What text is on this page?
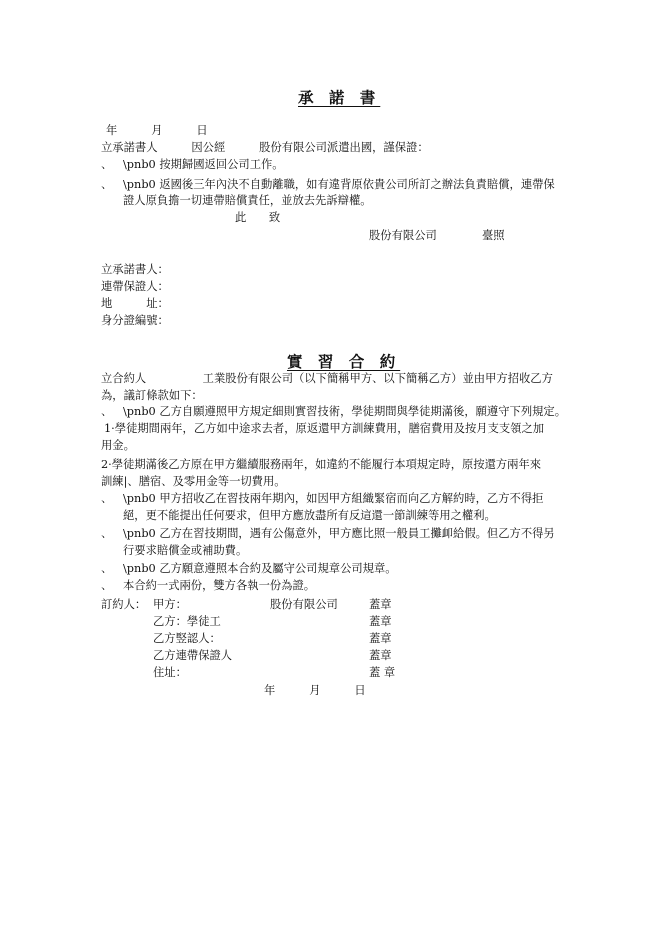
承 諾 書
年　　　月　　　日
立承諾書人　　　因公經　　　股份有限公司派遣出國，謹保證：
、 \pnb0 按期歸國返回公司工作。
、 \pnb0 返國後三年內決不自動離職，如有違背原依貴公司所訂之辦法負責賠償，連帶保
證人原負擔一切連帶賠償責任，並放去先訴辯權。
此　　致
股份有限公司　　　　臺照
立承諾書人：
連帶保證人：
地　　　址：
身分證編號：
實 習 合 約
立合約人　　　　　工業股份有限公司（以下簡稱甲方、以下簡稱乙方）並由甲方招收乙方
為，議訂條款如下：
、 \pnb0 乙方自願遵照甲方規定細則實習技術，學徒期間與學徒期滿後，願遵守下列規定。
1·學徒期間兩年，乙方如中途求去者，原返還甲方訓練費用，膳宿費用及按月支支領之加
用金。
2·學徒期滿後乙方原在甲方繼續服務兩年，如違約不能履行本項規定時，原按還方兩年來
訓練|、膳宿、及零用金等一切費用。
、 \pnb0 甲方招收乙在習技兩年期內，如因甲方組織緊宿而向乙方解約時，乙方不得拒
絕，更不能提出任何要求，但甲方應放盡所有反這還一節訓練等用之權利。
、 \pnb0 乙方在習技期間，遇有公傷意外，甲方應比照一般員工攤卹給假。但乙方不得另
行要求賠償金或補助費。
、 \pnb0 乙方願意遵照本合約及屬守公司規章公司規章。
、 本合約一式兩份，雙方各執一份為證。
訂約人： 甲方：	股份有限公司	蓋章
乙方：學徒工	蓋章
乙方竪認人：	蓋章
乙方連帶保證人	蓋章
住址：	蓋 章
年　　　月　　　日
